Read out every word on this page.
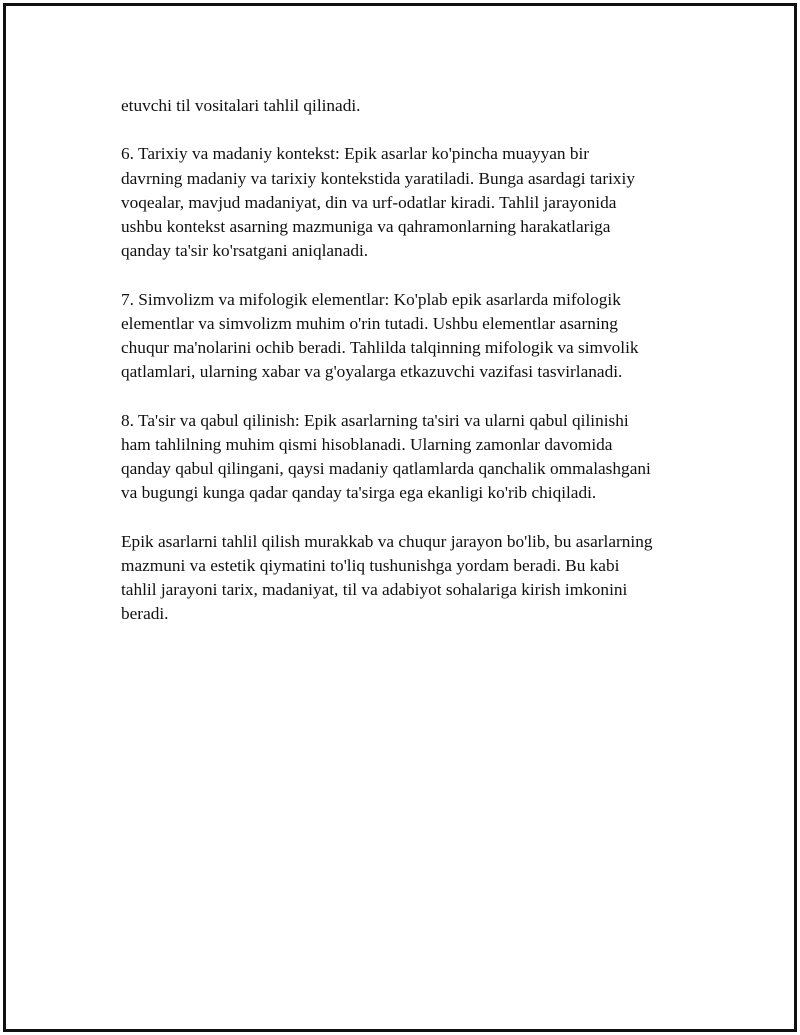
etuvchi til vositalari tahlil qilinadi.

6. Tarixiy va madaniy kontekst: Epik asarlar ko'pincha muayyan bir
davrning madaniy va tarixiy kontekstida yaratiladi. Bunga asardagi tarixiy
voqealar, mavjud madaniyat, din va urf-odatlar kiradi. Tahlil jarayonida
ushbu kontekst asarning mazmuniga va qahramonlarning harakatlariga
qanday ta'sir ko'rsatgani aniqlanadi.

7. Simvolizm va mifologik elementlar: Ko'plab epik asarlarda mifologik
elementlar va simvolizm muhim o'rin tutadi. Ushbu elementlar asarning
chuqur ma'nolarini ochib beradi. Tahlilda talqinning mifologik va simvolik
qatlamlari, ularning xabar va g'oyalarga etkazuvchi vazifasi tasvirlanadi.

8. Ta'sir va qabul qilinish: Epik asarlarning ta'siri va ularni qabul qilinishi
ham tahlilning muhim qismi hisoblanadi. Ularning zamonlar davomida
qanday qabul qilingani, qaysi madaniy qatlamlarda qanchalik ommalashgani
va bugungi kunga qadar qanday ta'sirga ega ekanligi ko'rib chiqiladi.

Epik asarlarni tahlil qilish murakkab va chuqur jarayon bo'lib, bu asarlarning
mazmuni va estetik qiymatini to'liq tushunishga yordam beradi. Bu kabi
tahlil jarayoni tarix, madaniyat, til va adabiyot sohalariga kirish imkonini
beradi.
